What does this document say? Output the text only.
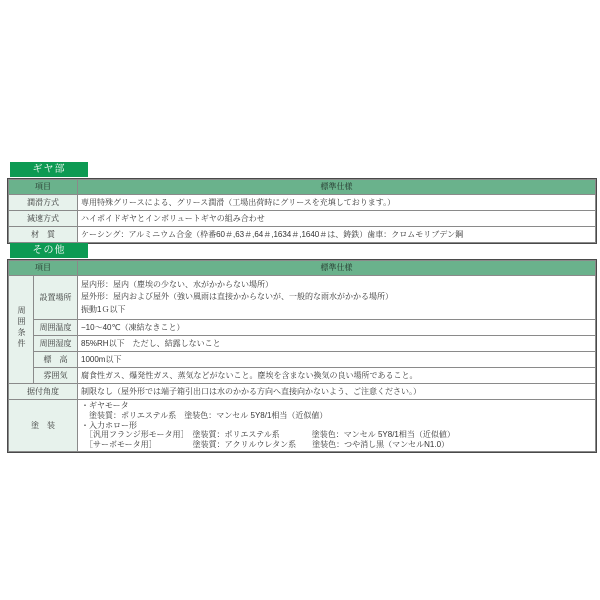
ギヤ部
項目	標準仕様
潤滑方式	専用特殊グリースによる、グリース潤滑（工場出荷時にグリースを充填しております。）
減速方式	ハイポイドギヤとインボリュートギヤの組み合わせ
材　質	ケーシング：アルミニウム合金（枠番60＃,63＃,64＃,1634＃,1640＃は、鋳鉄）歯車：クロムモリブデン鋼
その他
項目		標準仕様
周囲条件	設置場所	屋内形：屋内（塵埃の少ない、水がかからない場所）
屋外形：屋内および屋外（強い風雨は直接かからないが、一般的な雨水がかかる場所）
振動1Ｇ以下

	周囲温度	−10～40℃（凍結なきこと）
	周囲湿度	85%RH以下　ただし、結露しないこと
	標　高	1000m以下
	雰囲気	腐食性ガス、爆発性ガス、蒸気などがないこと。塵埃を含まない換気の良い場所であること。
据付角度		制限なし（屋外形では端子箱引出口は水のかかる方向へ直接向かないよう、ご注意ください。）
塗　装		・ギヤモータ
　塗装質：ポリエステル系　塗装色：マンセル 5Y8/1相当（近似値）
・入力ホロー形
　［汎用フランジ形モータ用］　塗装質：ポリエステル系　　　　塗装色：マンセル 5Y8/1相当（近似値）
　［サーボモータ用］　　　　　塗装質：アクリルウレタン系　　塗装色：つや消し黒（マンセルN1.0）
